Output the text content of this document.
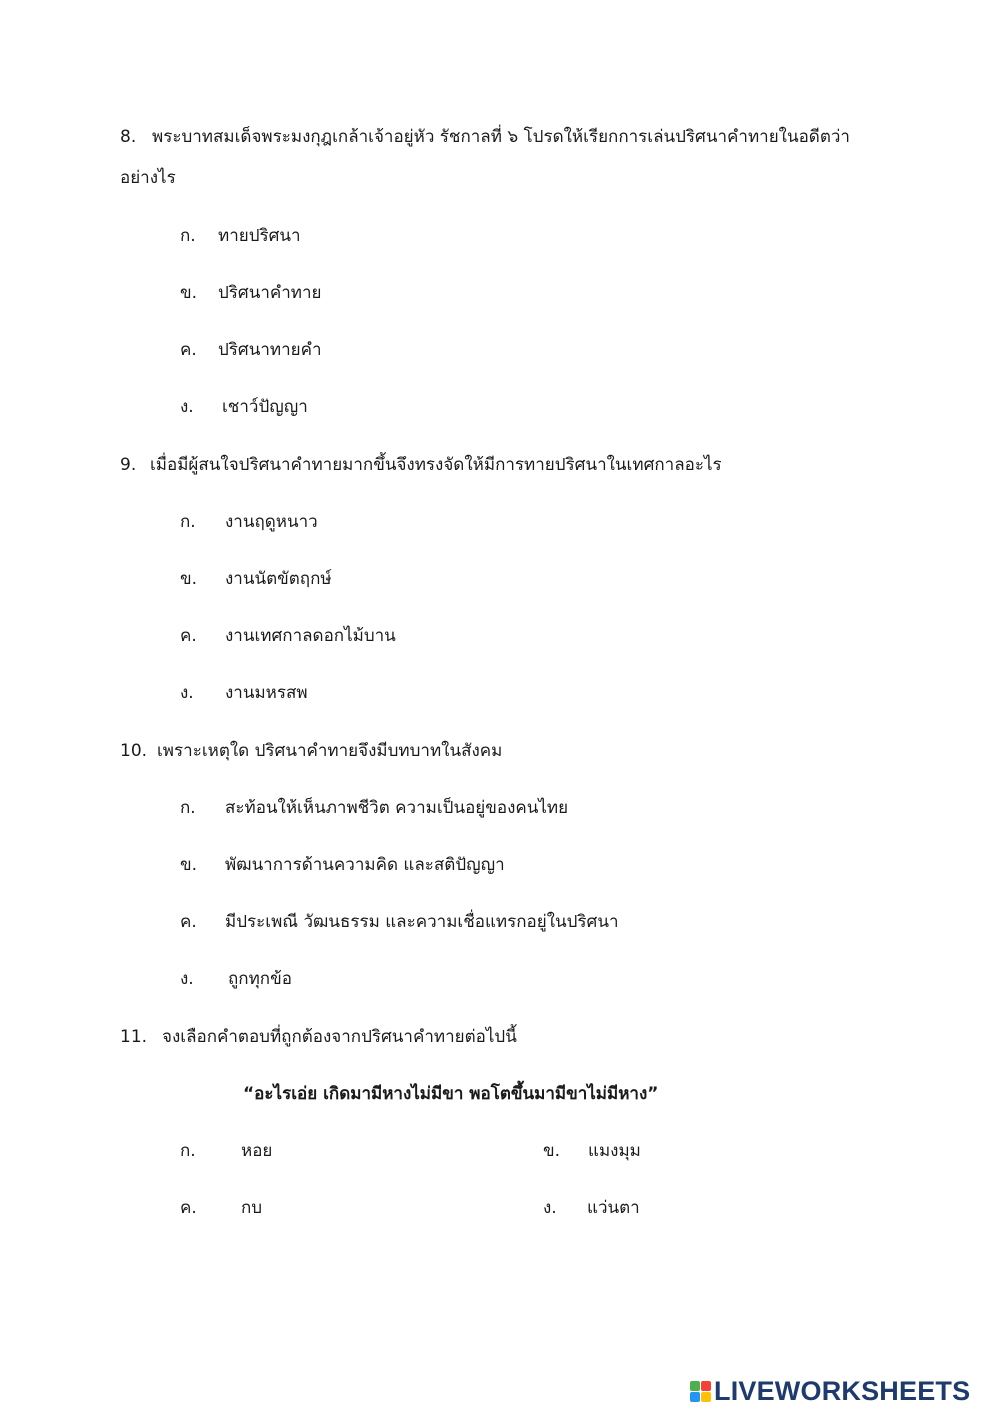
8. พระบาทสมเด็จพระมงกุฎเกล้าเจ้าอยู่หัว รัชกาลที่ ๖ โปรดให้เรียกการเล่นปริศนาคำทายในอดีตว่า
อย่างไร
ก. ทายปริศนา
ข. ปริศนาคำทาย
ค. ปริศนาทายคำ
ง. เชาว์ปัญญา
9. เมื่อมีผู้สนใจปริศนาคำทายมากขึ้นจึงทรงจัดให้มีการทายปริศนาในเทศกาลอะไร
ก. งานฤดูหนาว
ข. งานนัตขัตฤกษ์
ค. งานเทศกาลดอกไม้บาน
ง. งานมหรสพ
10. เพราะเหตุใด ปริศนาคำทายจึงมีบทบาทในสังคม
ก. สะท้อนให้เห็นภาพชีวิต ความเป็นอยู่ของคนไทย
ข. พัฒนาการด้านความคิด และสติปัญญา
ค. มีประเพณี วัฒนธรรม และความเชื่อแทรกอยู่ในปริศนา
ง. ถูกทุกข้อ
11. จงเลือกคำตอบที่ถูกต้องจากปริศนาคำทายต่อไปนี้
“อะไรเอ่ย เกิดมามีหางไม่มีขา พอโตขึ้นมามีขาไม่มีหาง”
ก.	หอย	ข. แมงมุม
ค.	กบ	ง. แว่นตา
LIVEWORKSHEETS
